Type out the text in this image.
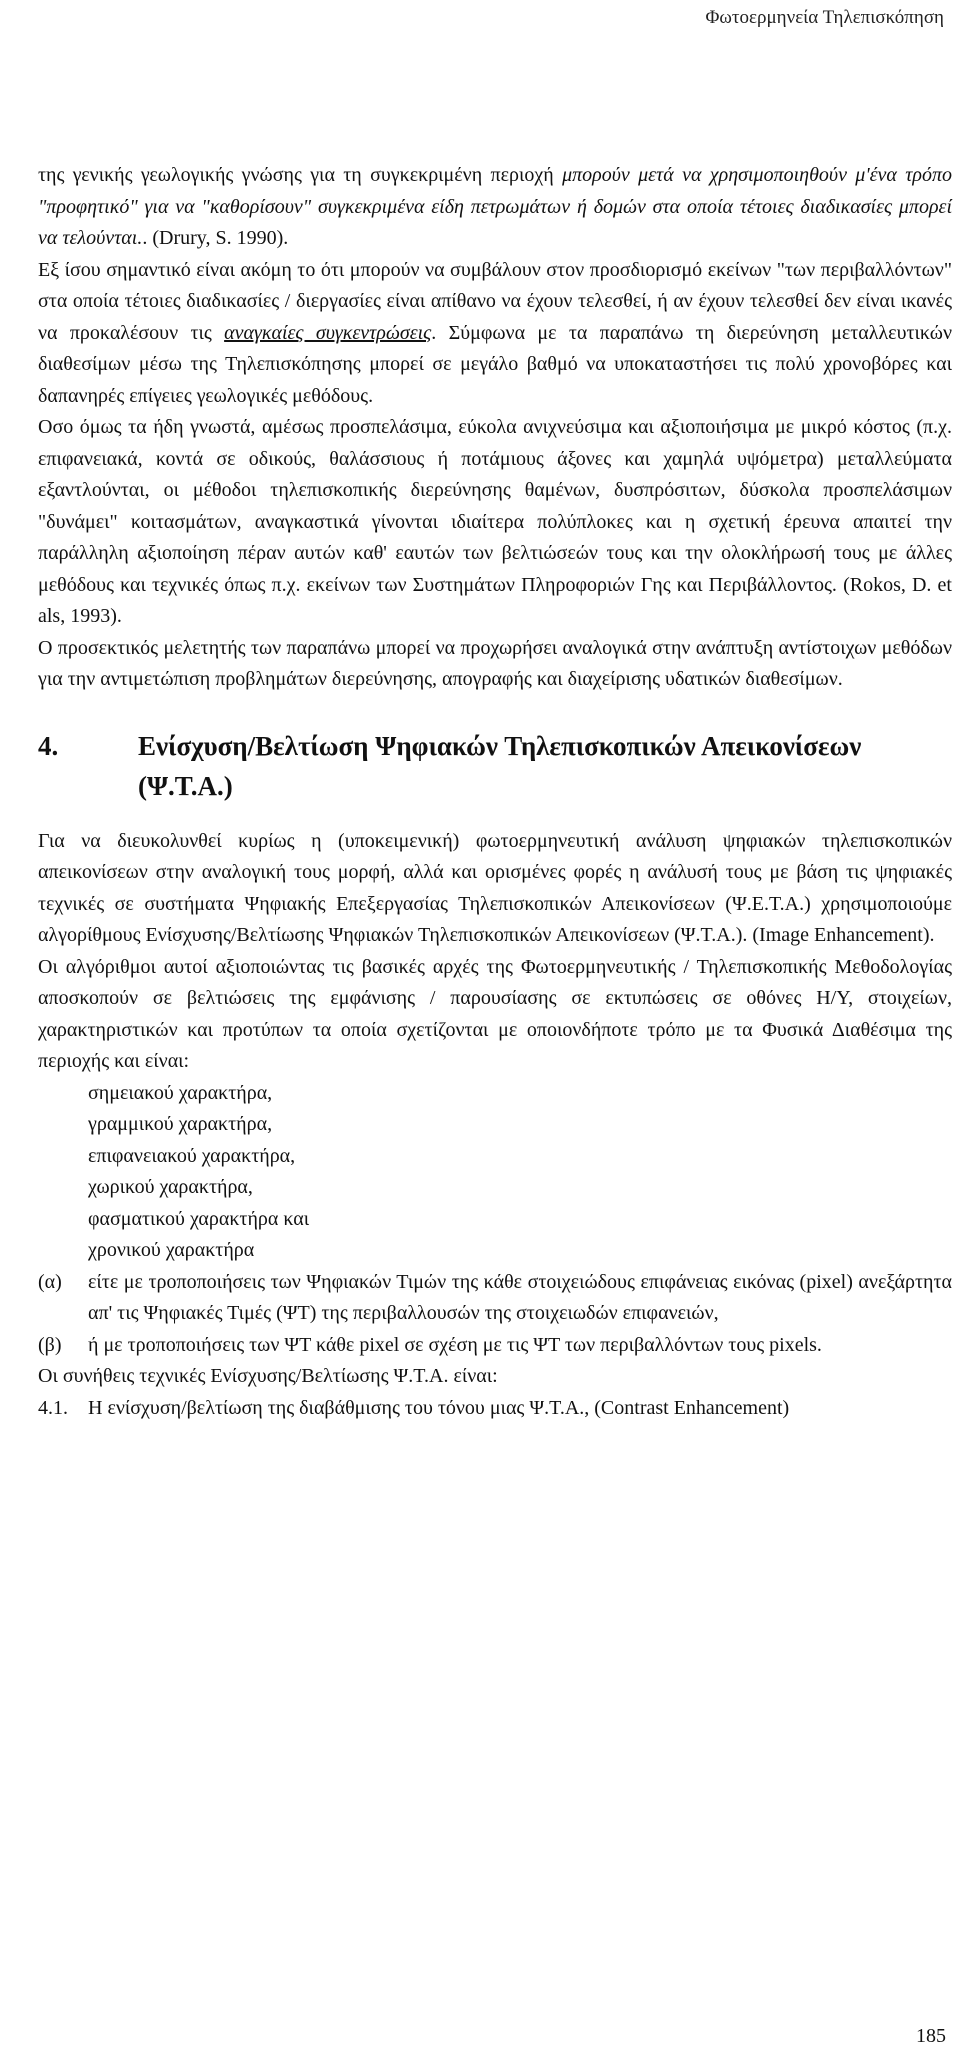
Φωτοερμηνεία Τηλεπισκόπηση

της γενικής γεωλογικής γνώσης για τη συγκεκριμένη περιοχή μπορούν μετά να χρησιμοποιηθούν μ'ένα τρόπο "προφητικό" για να "καθορίσουν" συγκεκριμένα είδη πετρωμάτων ή δομών στα οποία τέτοιες διαδικασίες μπορεί να τελούνται.. (Drury, S. 1990).

Εξ ίσου σημαντικό είναι ακόμη το ότι μπορούν να συμβάλουν στον προσδιορισμό εκείνων "των περιβαλλόντων" στα οποία τέτοιες διαδικασίες / διεργασίες είναι απίθανο να έχουν τελεσθεί, ή αν έχουν τελεσθεί δεν είναι ικανές να προκαλέσουν τις αναγκαίες συγκεντρώσεις. Σύμφωνα με τα παραπάνω τη διερεύνηση μεταλλευτικών διαθεσίμων μέσω της Τηλεπισκόπησης μπορεί σε μεγάλο βαθμό να υποκαταστήσει τις πολύ χρονοβόρες και δαπανηρές επίγειες γεωλογικές μεθόδους.

Οσο όμως τα ήδη γνωστά, αμέσως προσπελάσιμα, εύκολα ανιχνεύσιμα και αξιοποιήσιμα με μικρό κόστος (π.χ. επιφανειακά, κοντά σε οδικούς, θαλάσσιους ή ποτάμιους άξονες και χαμηλά υψόμετρα) μεταλλεύματα εξαντλούνται, οι μέθοδοι τηλεπισκοπικής διερεύνησης θαμένων, δυσπρόσιτων, δύσκολα προσπελάσιμων "δυνάμει" κοιτασμάτων, αναγκαστικά γίνονται ιδιαίτερα πολύπλοκες και η σχετική έρευνα απαιτεί την παράλληλη αξιοποίηση πέραν αυτών καθ' εαυτών των βελτιώσεών τους και την ολοκλήρωσή τους με άλλες μεθόδους και τεχνικές όπως π.χ. εκείνων των Συστημάτων Πληροφοριών Γης και Περιβάλλοντος. (Rokos, D. et als, 1993).

Ο προσεκτικός μελετητής των παραπάνω μπορεί να προχωρήσει αναλογικά στην ανάπτυξη αντίστοιχων μεθόδων για την αντιμετώπιση προβλημάτων διερεύνησης, απογραφής και διαχείρισης υδατικών διαθεσίμων.

4.	Ενίσχυση/Βελτίωση Ψηφιακών Τηλεπισκοπικών Απεικονίσεων (Ψ.Τ.Α.)

Για να διευκολυνθεί κυρίως η (υποκειμενική) φωτοερμηνευτική ανάλυση ψηφιακών τηλεπισκοπικών απεικονίσεων στην αναλογική τους μορφή, αλλά και ορισμένες φορές η ανάλυσή τους με βάση τις ψηφιακές τεχνικές σε συστήματα Ψηφιακής Επεξεργασίας Τηλεπισκοπικών Απεικονίσεων (Ψ.Ε.Τ.Α.) χρησιμοποιούμε αλγορίθμους Ενίσχυσης/Βελτίωσης Ψηφιακών Τηλεπισκοπικών Απεικονίσεων (Ψ.Τ.Α.). (Image Enhancement).

Οι αλγόριθμοι αυτοί αξιοποιώντας τις βασικές αρχές της Φωτοερμηνευτικής / Τηλεπισκοπικής Μεθοδολογίας αποσκοπούν σε βελτιώσεις της εμφάνισης / παρουσίασης σε εκτυπώσεις σε οθόνες Η/Υ, στοιχείων, χαρακτηριστικών και προτύπων τα οποία σχετίζονται με οποιονδήποτε τρόπο με τα Φυσικά Διαθέσιμα της περιοχής και είναι:

σημειακού χαρακτήρα,
γραμμικού χαρακτήρα,
επιφανειακού χαρακτήρα,
χωρικού χαρακτήρα,
φασματικού χαρακτήρα και
χρονικού χαρακτήρα
(α)	είτε με τροποποιήσεις των Ψηφιακών Τιμών της κάθε στοιχειώδους επιφάνειας εικόνας (pixel) ανεξάρτητα απ' τις Ψηφιακές Τιμές (ΨΤ) της περιβαλλουσών της στοιχειωδών επιφανειών,
(β)	ή με τροποποιήσεις των ΨΤ κάθε pixel σε σχέση με τις ΨΤ των περιβαλλόντων τους pixels.

Οι συνήθεις τεχνικές Ενίσχυσης/Βελτίωσης Ψ.Τ.Α. είναι:

4.1.	Η ενίσχυση/βελτίωση της διαβάθμισης του τόνου μιας Ψ.Τ.Α., (Contrast Enhancement)
185
